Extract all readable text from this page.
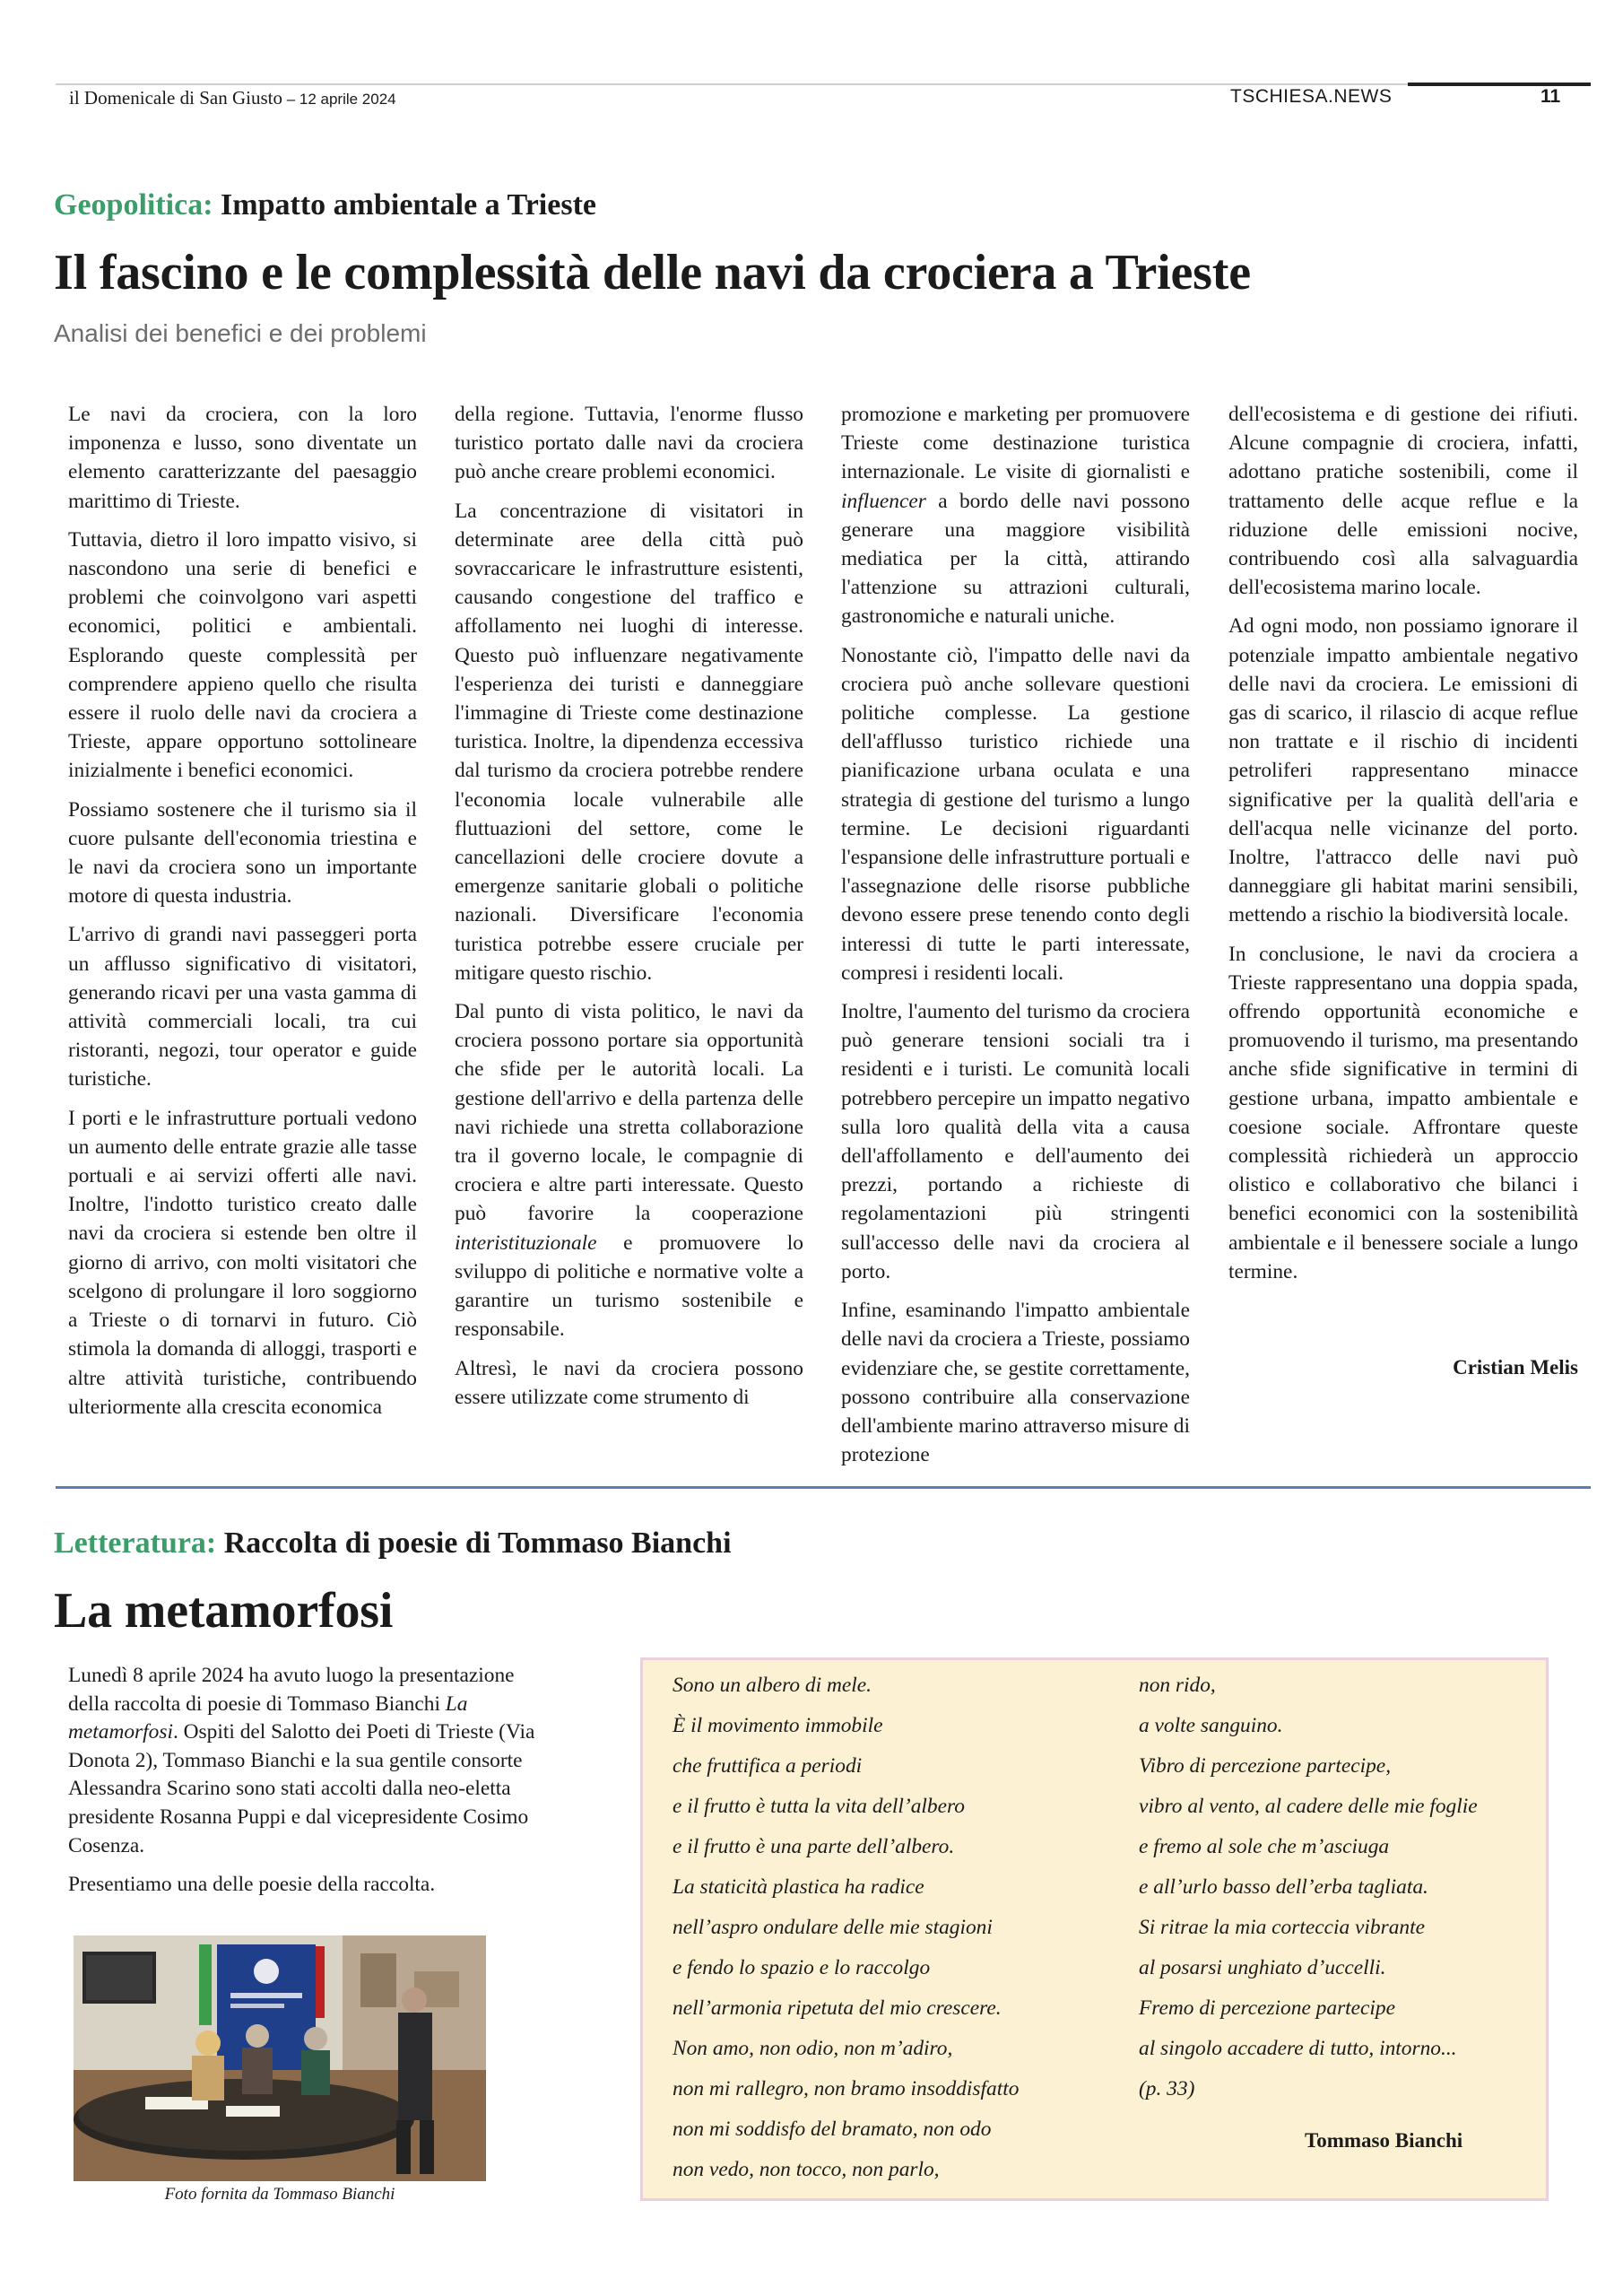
il Domenicale di San Giusto – 12 aprile 2024	TSCHIESA.NEWS	11
Geopolitica: Impatto ambientale a Trieste
Il fascino e le complessità delle navi da crociera a Trieste
Analisi dei benefici e dei problemi

Le navi da crociera, con la loro imponenza e lusso, sono diventate un elemento caratterizzante del paesaggio marittimo di Trieste.

Tuttavia, dietro il loro impatto visivo, si nascondono una serie di benefici e problemi che coinvolgono vari aspetti economici, politici e ambientali. Esplorando queste complessità per comprendere appieno quello che risulta essere il ruolo delle navi da crociera a Trieste, appare opportuno sottolineare inizialmente i benefici economici.

Possiamo sostenere che il turismo sia il cuore pulsante dell'economia triestina e le navi da crociera sono un importante motore di questa industria.

L'arrivo di grandi navi passeggeri porta un afflusso significativo di visitatori, generando ricavi per una vasta gamma di attività commerciali locali, tra cui ristoranti, negozi, tour operator e guide turistiche.

I porti e le infrastrutture portuali vedono un aumento delle entrate grazie alle tasse portuali e ai servizi offerti alle navi. Inoltre, l'indotto turistico creato dalle navi da crociera si estende ben oltre il giorno di arrivo, con molti visitatori che scelgono di prolungare il loro soggiorno a Trieste o di tornarvi in futuro. Ciò stimola la domanda di alloggi, trasporti e altre attività turistiche, contribuendo ulteriormente alla crescita economica

della regione. Tuttavia, l'enorme flusso turistico portato dalle navi da crociera può anche creare problemi economici.

La concentrazione di visitatori in determinate aree della città può sovraccaricare le infrastrutture esistenti, causando congestione del traffico e affollamento nei luoghi di interesse. Questo può influenzare negativamente l'esperienza dei turisti e danneggiare l'immagine di Trieste come destinazione turistica. Inoltre, la dipendenza eccessiva dal turismo da crociera potrebbe rendere l'economia locale vulnerabile alle fluttuazioni del settore, come le cancellazioni delle crociere dovute a emergenze sanitarie globali o politiche nazionali. Diversificare l'economia turistica potrebbe essere cruciale per mitigare questo rischio.

Dal punto di vista politico, le navi da crociera possono portare sia opportunità che sfide per le autorità locali. La gestione dell'arrivo e della partenza delle navi richiede una stretta collaborazione tra il governo locale, le compagnie di crociera e altre parti interessate. Questo può favorire la cooperazione interistituzionale e promuovere lo sviluppo di politiche e normative volte a garantire un turismo sostenibile e responsabile.

Altresì, le navi da crociera possono essere utilizzate come strumento di

promozione e marketing per promuovere Trieste come destinazione turistica internazionale. Le visite di giornalisti e influencer a bordo delle navi possono generare una maggiore visibilità mediatica per la città, attirando l'attenzione su attrazioni culturali, gastronomiche e naturali uniche.

Nonostante ciò, l'impatto delle navi da crociera può anche sollevare questioni politiche complesse. La gestione dell'afflusso turistico richiede una pianificazione urbana oculata e una strategia di gestione del turismo a lungo termine. Le decisioni riguardanti l'espansione delle infrastrutture portuali e l'assegnazione delle risorse pubbliche devono essere prese tenendo conto degli interessi di tutte le parti interessate, compresi i residenti locali.

Inoltre, l'aumento del turismo da crociera può generare tensioni sociali tra i residenti e i turisti. Le comunità locali potrebbero percepire un impatto negativo sulla loro qualità della vita a causa dell'affollamento e dell'aumento dei prezzi, portando a richieste di regolamentazioni più stringenti sull'accesso delle navi da crociera al porto.

Infine, esaminando l'impatto ambientale delle navi da crociera a Trieste, possiamo evidenziare che, se gestite correttamente, possono contribuire alla conservazione dell'ambiente marino attraverso misure di protezione

dell'ecosistema e di gestione dei rifiuti. Alcune compagnie di crociera, infatti, adottano pratiche sostenibili, come il trattamento delle acque reflue e la riduzione delle emissioni nocive, contribuendo così alla salvaguardia dell'ecosistema marino locale.

Ad ogni modo, non possiamo ignorare il potenziale impatto ambientale negativo delle navi da crociera. Le emissioni di gas di scarico, il rilascio di acque reflue non trattate e il rischio di incidenti petroliferi rappresentano minacce significative per la qualità dell'aria e dell'acqua nelle vicinanze del porto. Inoltre, l'attracco delle navi può danneggiare gli habitat marini sensibili, mettendo a rischio la biodiversità locale.

In conclusione, le navi da crociera a Trieste rappresentano una doppia spada, offrendo opportunità economiche e promuovendo il turismo, ma presentando anche sfide significative in termini di gestione urbana, impatto ambientale e coesione sociale. Affrontare queste complessità richiederà un approccio olistico e collaborativo che bilanci i benefici economici con la sostenibilità ambientale e il benessere sociale a lungo termine.

Cristian Melis
Letteratura: Raccolta di poesie di Tommaso Bianchi
La metamorfosi

Lunedì 8 aprile 2024 ha avuto luogo la presentazione della raccolta di poesie di Tommaso Bianchi La metamorfosi. Ospiti del Salotto dei Poeti di Trieste (Via Donota 2), Tommaso Bianchi e la sua gentile consorte Alessandra Scarino sono stati accolti dalla neo-eletta presidente Rosanna Puppi e dal vicepresidente Cosimo Cosenza.

Presentiamo una delle poesie della raccolta.

Foto fornita da Tommaso Bianchi
Sono un albero di mele.
È il movimento immobile
che fruttifica a periodi
e il frutto è tutta la vita dell’albero
e il frutto è una parte dell’albero.
La staticità plastica ha radice
nell’aspro ondulare delle mie stagioni
e fendo lo spazio e lo raccolgo
nell’armonia ripetuta del mio crescere.
Non amo, non odio, non m’adiro,
non mi rallegro, non bramo insoddisfatto
non mi soddisfo del bramato, non odo
non vedo, non tocco, non parlo,
non rido,
a volte sanguino.
Vibro di percezione partecipe,
vibro al vento, al cadere delle mie foglie
e fremo al sole che m’asciuga
e all’urlo basso dell’erba tagliata.
Si ritrae la mia corteccia vibrante
al posarsi unghiato d’uccelli.
Fremo di percezione partecipe
al singolo accadere di tutto, intorno...
(p. 33)
Tommaso Bianchi
